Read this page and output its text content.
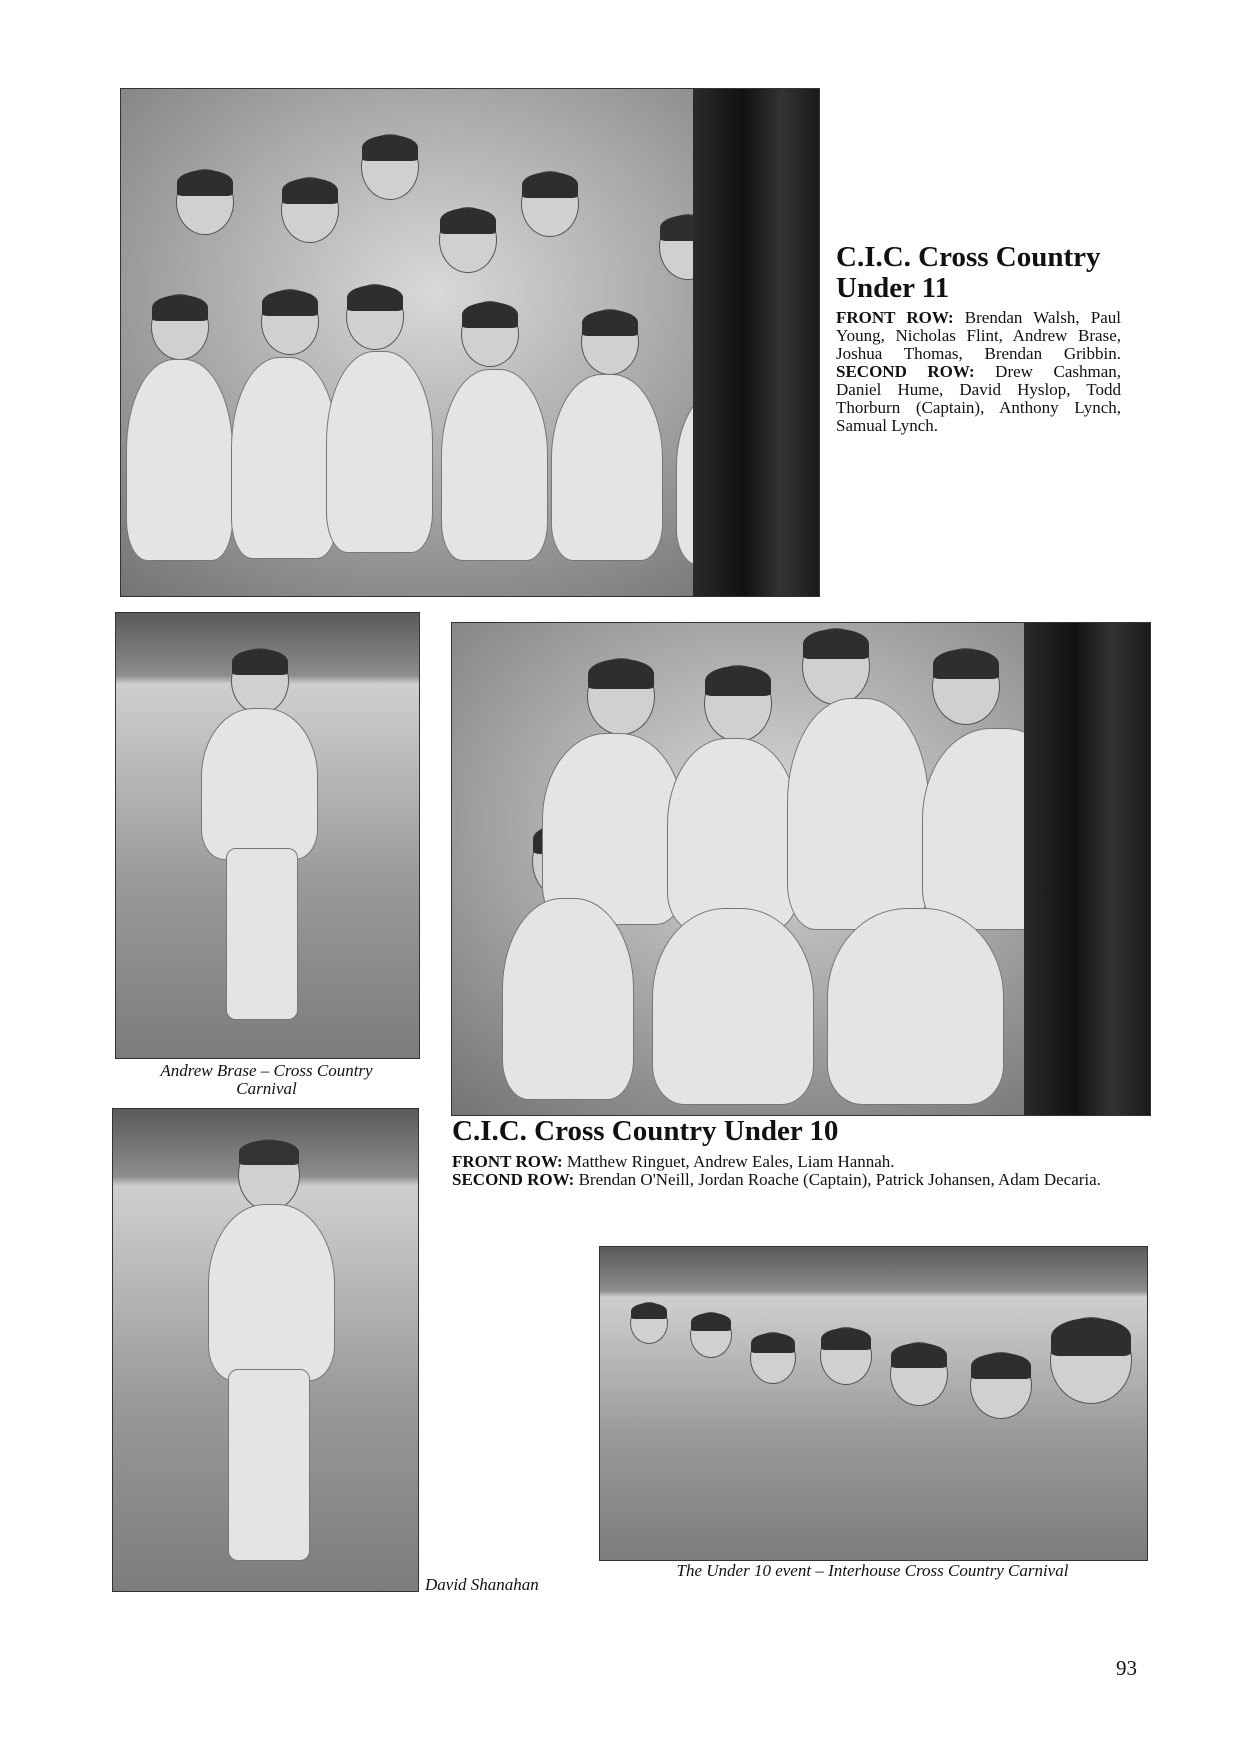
C.I.C. Cross Country
Under 11
FRONT ROW: Brendan Walsh, Paul Young, Nicholas Flint, Andrew Brase, Joshua Thomas, Brendan Gribbin. SECOND ROW: Drew Cashman, Daniel Hume, David Hyslop, Todd Thorburn (Captain), Anthony Lynch, Samual Lynch.
Andrew Brase – Cross Country
Carnival
C.I.C. Cross Country Under 10
FRONT ROW: Matthew Ringuet, Andrew Eales, Liam Hannah.
SECOND ROW: Brendan O'Neill, Jordan Roache (Captain), Patrick Johansen, Adam Decaria.
David Shanahan
The Under 10 event – Interhouse Cross Country Carnival
93
